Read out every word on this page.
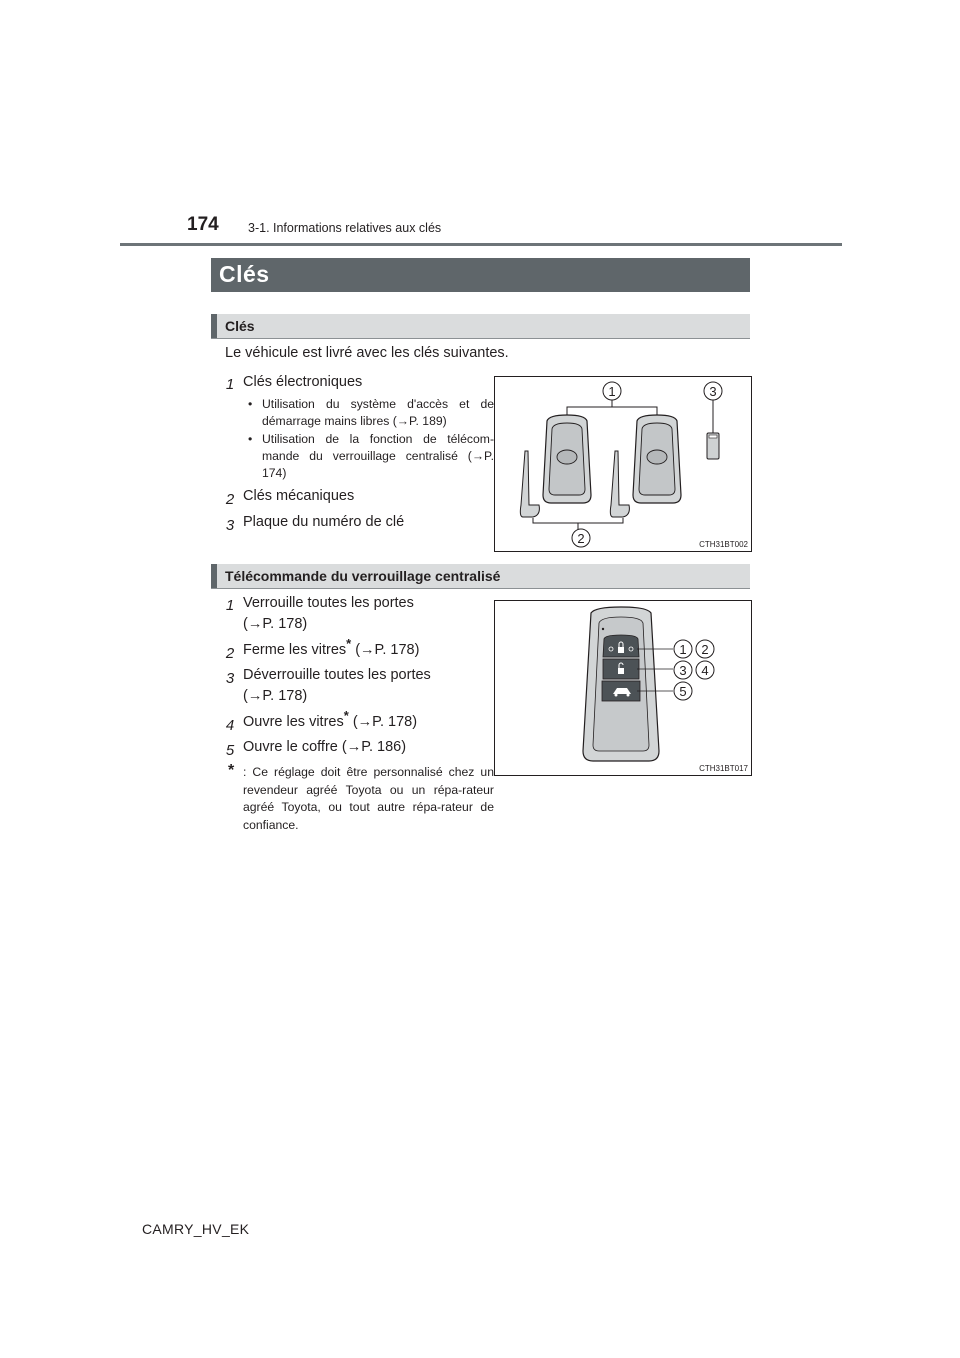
174 3-1. Informations relatives aux clés
Clés
Clés
Le véhicule est livré avec les clés suivantes.
1 Clés électroniques
• Utilisation du système d'accès et de démarrage mains libres (→P. 189)
• Utilisation de la fonction de télécom-mande du verrouillage centralisé (→P. 174)
2 Clés mécaniques
3 Plaque du numéro de clé
1	3
2	CTH31BT002
Télécommande du verrouillage centralisé
1 Verrouille toutes les portes
(→P. 178)
2 Ferme les vitres* (→P. 178)
3 Déverrouille toutes les portes
(→P. 178)
4 Ouvre les vitres* (→P. 178)
5 Ouvre le coffre (→P. 186)
* : Ce réglage doit être personnalisé chez un revendeur agréé Toyota ou un répa-rateur agréé Toyota, ou tout autre répa-rateur de confiance.
1 2
3 4
5
CTH31BT017
CAMRY_HV_EK
